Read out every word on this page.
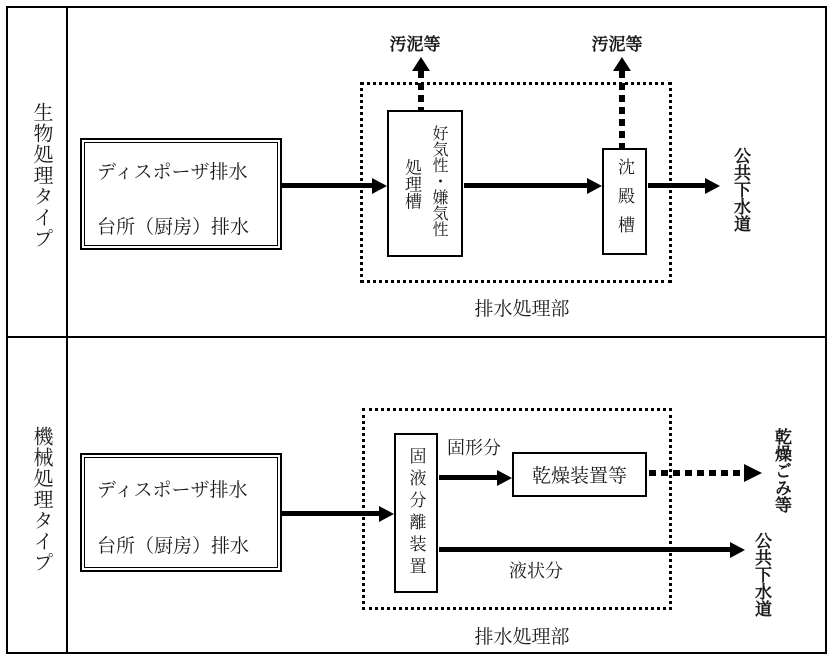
生物処理タイプ ディスポーザ排水
台所（厨房）排水
汚泥等	汚泥等
好気性・嫌気性
処理槽	沈殿槽	公共下水道
排水処理部
機械処理タイプ ディスポーザ排水
台所（厨房）排水	固液分離装置 固形分
乾燥装置等	乾燥ごみ等
液状分	公共下水道
排水処理部
